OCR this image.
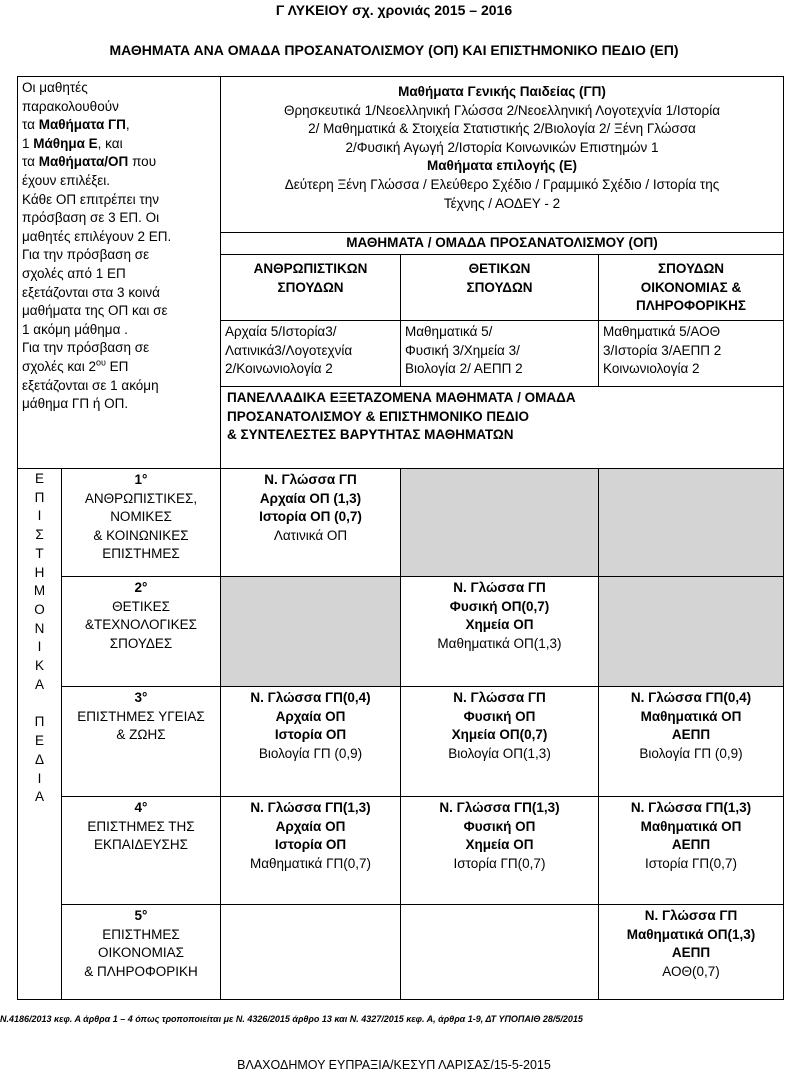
Γ ΛΥΚΕΙΟΥ σχ. χρονιάς 2015 – 2016
ΜΑΘΗΜΑΤΑ ΑΝΑ ΟΜΑΔΑ ΠΡΟΣΑΝΑΤΟΛΙΣΜΟΥ (ΟΠ) ΚΑΙ ΕΠΙΣΤΗΜΟΝΙΚΟ ΠΕΔΙΟ (ΕΠ)
Οι μαθητές
παρακολουθούν
τα Μαθήματα ΓΠ,
1 Μάθημα Ε, και
τα Μαθήματα/ΟΠ που
έχουν επιλέξει.
Κάθε ΟΠ επιτρέπει την
πρόσβαση σε 3 ΕΠ. Οι
μαθητές επιλέγουν 2 ΕΠ.
Για την πρόσβαση σε
σχολές από 1 ΕΠ
εξετάζονται στα 3 κοινά
μαθήματα της ΟΠ και σε
1 ακόμη μάθημα .
Για την πρόσβαση σε
σχολές και $2^{o\upsilon}$ ΕΠ
εξετάζονται σε 1 ακόμη
μάθημα ΓΠ ή ΟΠ.
Μαθήματα Γενικής Παιδείας (ΓΠ)
Θρησκευτικά 1/Νεοελληνική Γλώσσα 2/Νεοελληνική Λογοτεχνία 1/Ιστορία
2/ Μαθηματικά & Στοιχεία Στατιστικής 2/Βιολογία 2/ Ξένη Γλώσσα
2/Φυσική Αγωγή 2/Ιστορία Κοινωνικών Επιστημών 1
Μαθήματα επιλογής (Ε)
Δεύτερη Ξένη Γλώσσα / Ελεύθερο Σχέδιο / Γραμμικό Σχέδιο / Ιστορία της
Τέχνης / ΑΟΔΕΥ - 2
ΜΑΘΗΜΑΤΑ / ΟΜΑΔΑ ΠΡΟΣΑΝΑΤΟΛΙΣΜΟΥ (ΟΠ)
ΑΝΘΡΩΠΙΣΤΙΚΩΝ
ΣΠΟΥΔΩΝ
ΘΕΤΙΚΩΝ
ΣΠΟΥΔΩΝ
ΣΠΟΥΔΩΝ
ΟΙΚΟΝΟΜΙΑΣ &
ΠΛΗΡΟΦΟΡΙΚΗΣ
Αρχαία 5/Ιστορία3/
Λατινικά3/Λογοτεχνία
2/Κοινωνιολογία 2
Μαθηματικά 5/
Φυσική 3/Χημεία 3/
Βιολογία 2/ ΑΕΠΠ 2
Μαθηματικά 5/ΑΟΘ
3/Ιστορία 3/ΑΕΠΠ 2
Κοινωνιολογία 2
ΠΑΝΕΛΛΑΔΙΚΑ ΕΞΕΤΑΖΟΜΕΝΑ ΜΑΘΗΜΑΤΑ / ΟΜΑΔΑ
ΠΡΟΣΑΝΑΤΟΛΙΣΜΟΥ & ΕΠΙΣΤΗΜΟΝΙΚΟ ΠΕΔΙΟ
& ΣΥΝΤΕΛΕΣΤΕΣ ΒΑΡΥΤΗΤΑΣ ΜΑΘΗΜΑΤΩΝ
Ε
Π
Ι
Σ
Τ
Η
Μ
Ο
Ν
Ι
Κ
Α
Π
Ε
Δ
Ι
Α
1°
ΑΝΘΡΩΠΙΣΤΙΚΕΣ,
ΝΟΜΙΚΕΣ
& ΚΟΙΝΩΝΙΚΕΣ
ΕΠΙΣΤΗΜΕΣ
Ν. Γλώσσα ΓΠ
Αρχαία ΟΠ (1,3)
Ιστορία ΟΠ (0,7)
Λατινικά ΟΠ
2°
ΘΕΤΙΚΕΣ
&ΤΕΧΝΟΛΟΓΙΚΕΣ
ΣΠΟΥΔΕΣ
Ν. Γλώσσα ΓΠ
Φυσική ΟΠ(0,7)
Χημεία ΟΠ
Μαθηματικά ΟΠ(1,3)
3°
ΕΠΙΣΤΗΜΕΣ ΥΓΕΙΑΣ
& ΖΩΗΣ
Ν. Γλώσσα ΓΠ(0,4)
Αρχαία ΟΠ
Ιστορία ΟΠ
Βιολογία ΓΠ (0,9)
Ν. Γλώσσα ΓΠ
Φυσική ΟΠ
Χημεία ΟΠ(0,7)
Βιολογία ΟΠ(1,3)
Ν. Γλώσσα ΓΠ(0,4)
Μαθηματικά ΟΠ
ΑΕΠΠ
Βιολογία ΓΠ (0,9)
4°
ΕΠΙΣΤΗΜΕΣ ΤΗΣ
ΕΚΠΑΙΔΕΥΣΗΣ
Ν. Γλώσσα ΓΠ(1,3)
Αρχαία ΟΠ
Ιστορία ΟΠ
Μαθηματικά ΓΠ(0,7)
Ν. Γλώσσα ΓΠ(1,3)
Φυσική ΟΠ
Χημεία ΟΠ
Ιστορία ΓΠ(0,7)
Ν. Γλώσσα ΓΠ(1,3)
Μαθηματικά ΟΠ
ΑΕΠΠ
Ιστορία ΓΠ(0,7)
5°
ΕΠΙΣΤΗΜΕΣ
ΟΙΚΟΝΟΜΙΑΣ
& ΠΛΗΡΟΦΟΡΙΚΗ
Ν. Γλώσσα ΓΠ
Μαθηματικά ΟΠ(1,3)
ΑΕΠΠ
ΑΟΘ(0,7)
Ν.4186/2013 κεφ. Α άρθρα 1 – 4 όπως τροποποιείται με Ν. 4326/2015 άρθρο 13 και Ν. 4327/2015 κεφ. Α, άρθρα 1-9, ΔΤ ΥΠΟΠΑΙΘ 28/5/2015
ΒΛΑΧΟΔΗΜΟΥ ΕΥΠΡΑΞΙΑ/ΚΕΣΥΠ ΛΑΡΙΣΑΣ/15-5-2015
